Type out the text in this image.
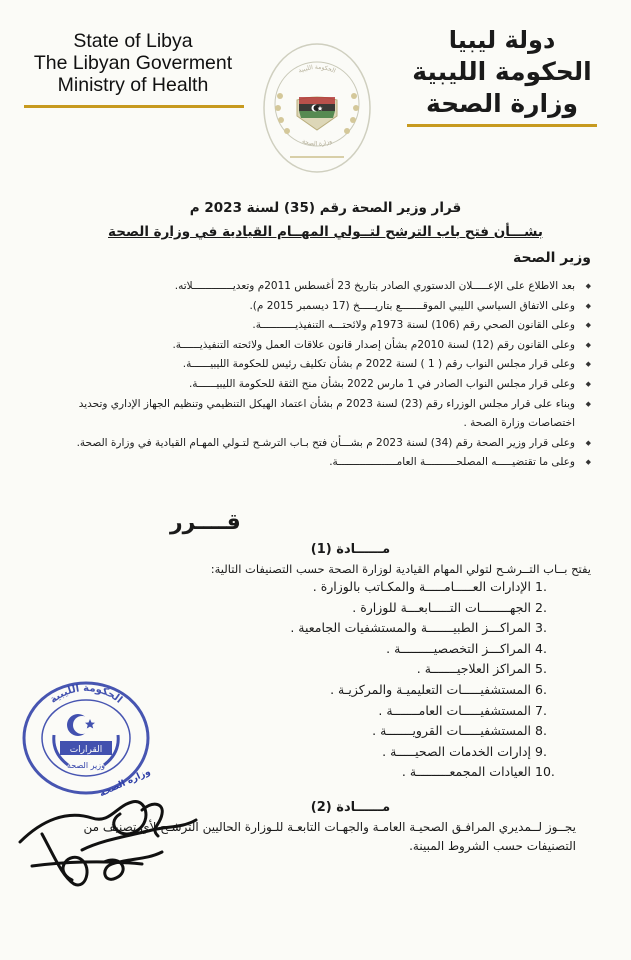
State of Libya
The Libyan Goverment
Ministry of Health
دولة ليبيا
الحكومة الليبية
وزارة الصحة
الحكومة الليبية
وزارة الصحة
قرار وزير الصحة رقم (35) لسنة 2023 م
بشـــأن فتح باب الترشح لتــولي المهــام القيادية في وزارة الصحة
وزير الصحة
◆ بعد الاطلاع على الإعـــــلان الدستوري الصادر بتاريخ 23 أغسطس 2011م وتعديـــــــــــــلاته.
◆ وعلى الاتفاق السياسي الليبي الموقـــــــع بتاريـــــخ (17 ديسمبر 2015 م).
◆ وعلى القانون الصحي رقم (106) لسنة 1973م ولائحتـــه التنفيذيـــــــــــة.
◆ وعلى القانون رقم (12) لسنة 2010م بشأن إصدار قانون علاقات العمل ولائحته التنفيذيــــــة.
◆ وعلى قرار مجلس النواب رقم ( 1 ) لسنة 2022 م بشأن تكليف رئيس للحكومة الليبيــــــة.
◆ وعلى قرار مجلس النواب الصادر في 1 مارس 2022 بشأن منح الثقة للحكومة الليبيــــــة.
◆ وبناء على قرار مجلس الوزراء رقم (23) لسنة 2023 م بشأن اعتماد الهيكل التنظيمي وتنظيم الجهاز الإداري وتحديد اختصاصات وزارة الصحة .
◆ وعلى قرار وزير الصحة رقم (34) لسنة 2023 م بشـــأن فتح بـاب الترشـح لتـولي المهـام القيادية في وزارة الصحة.
◆ وعلى ما تقتضيـــــه المصلحــــــــــة العامـــــــــــــــــــة.
قــــرر
مــــــادة (1)
يفتح بــاب التــرشـح لتولي المهام القيادية لوزارة الصحة حسب التصنيفات التالية:
1. الإدارات العـــــامـــــة والمكـاتب بالوزارة .
2. الجهــــــــات التـــــابعـــة للوزارة .
3. المراكـــز الطبيـــــــة والمستشفيات الجامعية .
4. المراكـــز التخصصيـــــــــة .
5. المراكز العلاجيـــــــة .
6. المستشفيـــــات التعليميـة والمركزيـة .
7. المستشفيـــــات العامـــــــة .
8. المستشفيـــــات القرويـــــــة .
9. إدارات الخدمات الصحيـــــة .
10. العيادات المجمعـــــــــة .
مــــــادة (2)
يجــوز لــمديري المرافـق الصحيـة العامـة والجهـات التابعـة للـوزارة الحاليين الترشـح لأي تصنيف من التصنيفات حسب الشروط المبينة.
الحكومة الليبية
القرارات
وزير الصحة
وزارة الصحة
